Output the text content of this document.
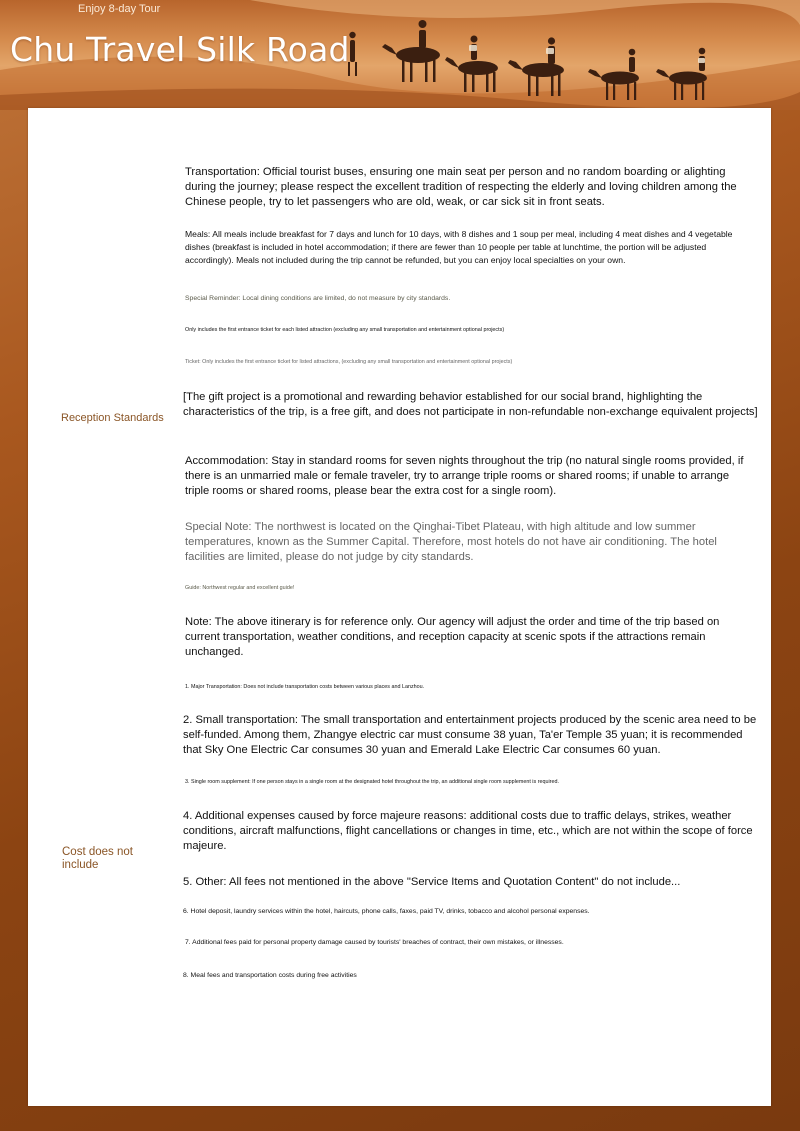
Enjoy 8-day Tour
Chu Travel Silk Road
Reception Standards
Cost does not include

Transportation: Official tourist buses, ensuring one main seat per person and no random boarding or alighting during the journey; please respect the excellent tradition of respecting the elderly and loving children among the Chinese people, try to let passengers who are old, weak, or car sick sit in front seats.

Meals: All meals include breakfast for 7 days and lunch for 10 days, with 8 dishes and 1 soup per meal, including 4 meat dishes and 4 vegetable dishes (breakfast is included in hotel accommodation; if there are fewer than 10 people per table at lunchtime, the portion will be adjusted accordingly). Meals not included during the trip cannot be refunded, but you can enjoy local specialties on your own.

Special Reminder: Local dining conditions are limited, do not measure by city standards.

Only includes the first entrance ticket for each listed attraction (excluding any small transportation and entertainment optional projects)

Ticket: Only includes the first entrance ticket for listed attractions, (excluding any small transportation and entertainment optional projects)

[The gift project is a promotional and rewarding behavior established for our social brand, highlighting the characteristics of the trip, is a free gift, and does not participate in non-refundable non-exchange equivalent projects]

Accommodation: Stay in standard rooms for seven nights throughout the trip (no natural single rooms provided, if there is an unmarried male or female traveler, try to arrange triple rooms or shared rooms; if unable to arrange triple rooms or shared rooms, please bear the extra cost for a single room).

Special Note: The northwest is located on the Qinghai-Tibet Plateau, with high altitude and low summer temperatures, known as the Summer Capital. Therefore, most hotels do not have air conditioning. The hotel facilities are limited, please do not judge by city standards.

Guide: Northwest regular and excellent guide!

Note: The above itinerary is for reference only. Our agency will adjust the order and time of the trip based on current transportation, weather conditions, and reception capacity at scenic spots if the attractions remain unchanged.

1. Major Transportation: Does not include transportation costs between various places and Lanzhou.

2. Small transportation: The small transportation and entertainment projects produced by the scenic area need to be self-funded. Among them, Zhangye electric car must consume 38 yuan, Ta'er Temple 35 yuan; it is recommended that Sky One Electric Car consumes 30 yuan and Emerald Lake Electric Car consumes 60 yuan.

3. Single room supplement: If one person stays in a single room at the designated hotel throughout the trip, an additional single room supplement is required.

4. Additional expenses caused by force majeure reasons: additional costs due to traffic delays, strikes, weather conditions, aircraft malfunctions, flight cancellations or changes in time, etc., which are not within the scope of force majeure.

5. Other: All fees not mentioned in the above "Service Items and Quotation Content" do not include...

6. Hotel deposit, laundry services within the hotel, haircuts, phone calls, faxes, paid TV, drinks, tobacco and alcohol personal expenses.

7. Additional fees paid for personal property damage caused by tourists' breaches of contract, their own mistakes, or illnesses.

8. Meal fees and transportation costs during free activities
